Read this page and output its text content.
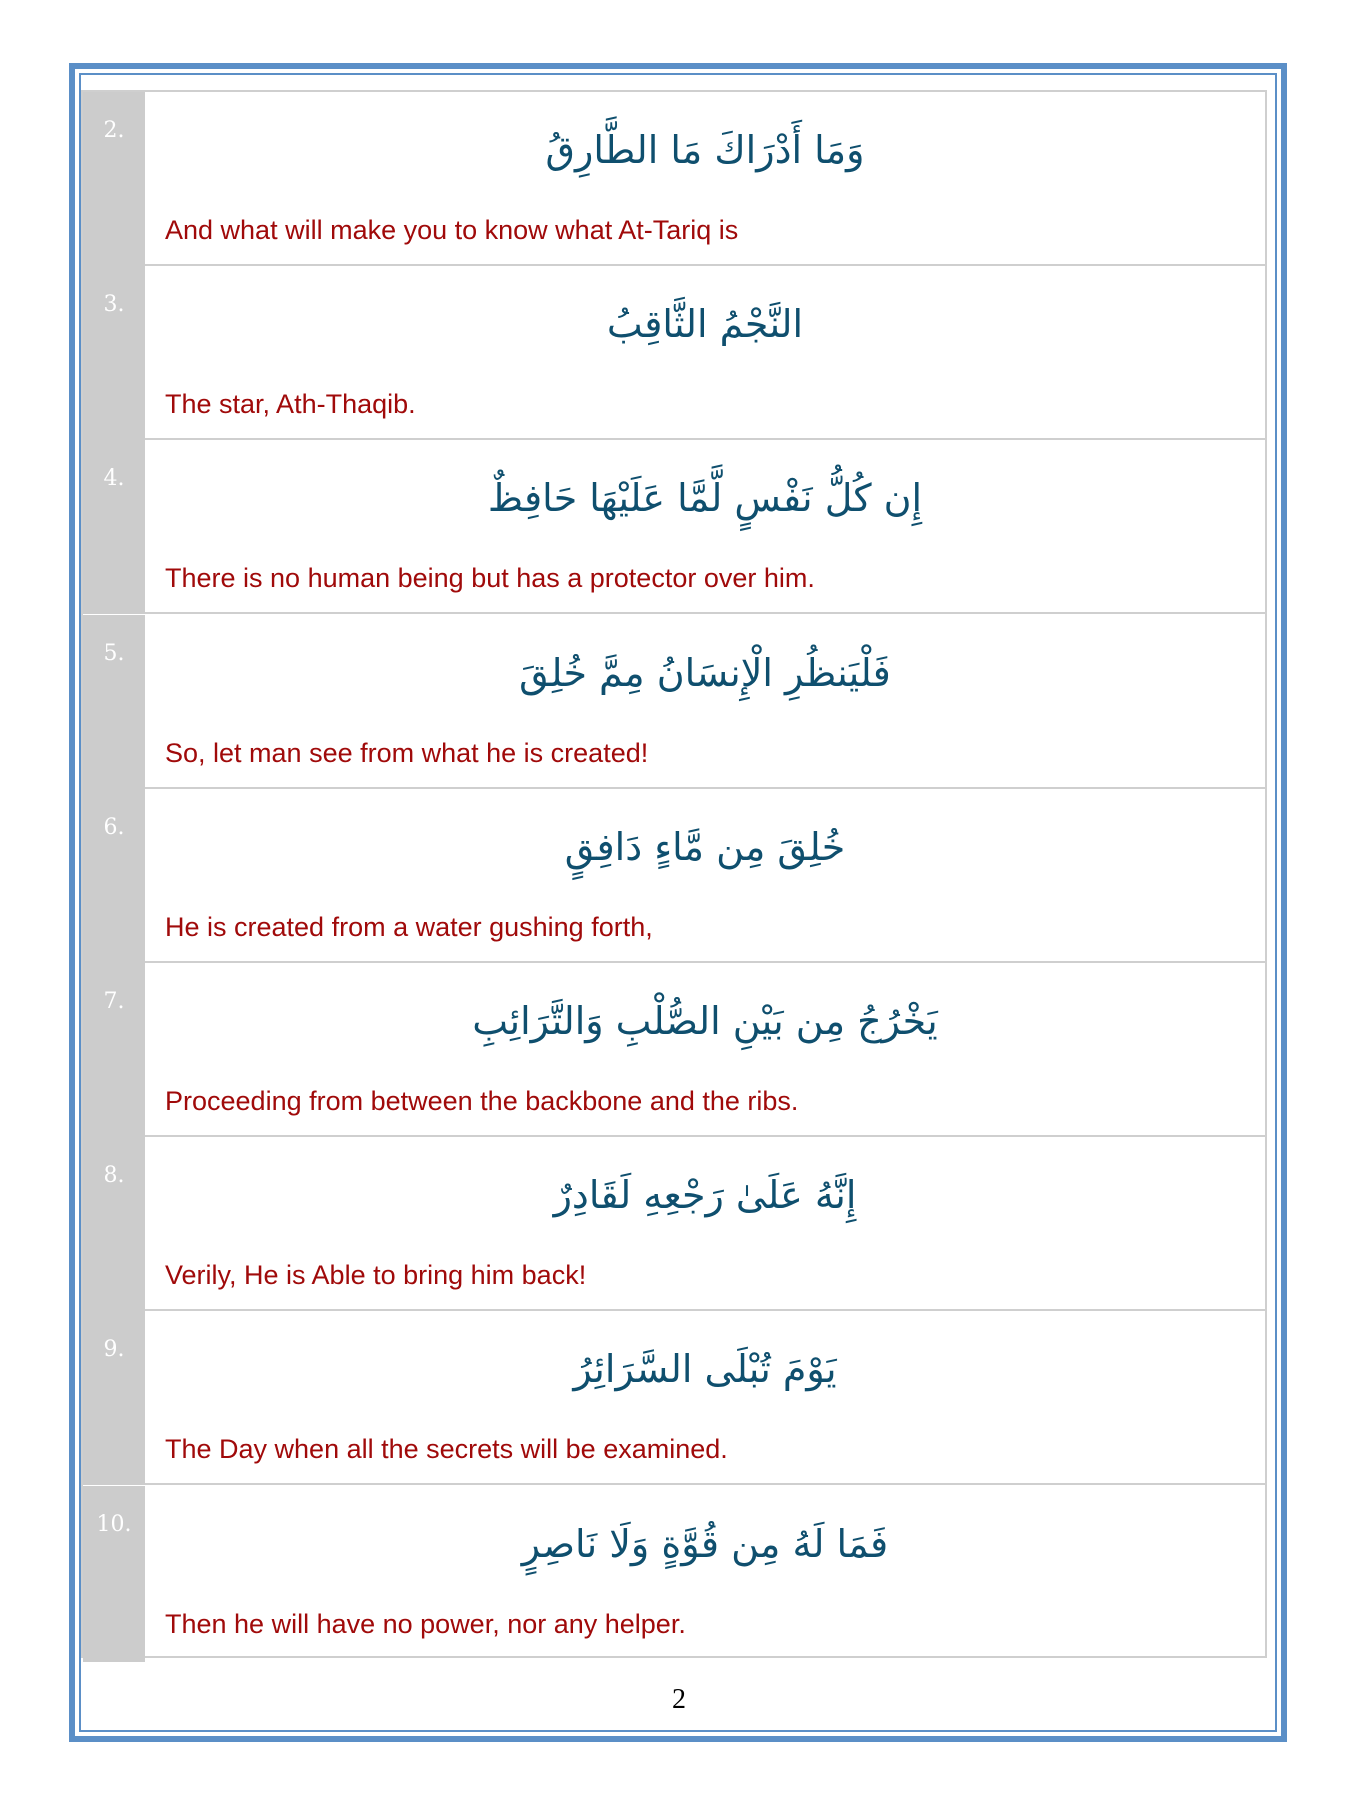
2.	وَمَا أَدْرَاكَ مَا الطَّارِقُ
And what will make you to know what At-Tariq is
3.	النَّجْمُ الثَّاقِبُ
The star, Ath-Thaqib.
4.	إِن كُلُّ نَفْسٍ لَّمَّا عَلَيْهَا حَافِظٌ
There is no human being but has a protector over him.
5.	فَلْيَنظُرِ الْإِنسَانُ مِمَّ خُلِقَ
So, let man see from what he is created!
6.	خُلِقَ مِن مَّاءٍ دَافِقٍ
He is created from a water gushing forth,
7.	يَخْرُجُ مِن بَيْنِ الصُّلْبِ وَالتَّرَائِبِ
Proceeding from between the backbone and the ribs.
8.	إِنَّهُ عَلَىٰ رَجْعِهِ لَقَادِرٌ
Verily, He is Able to bring him back!
9.	يَوْمَ تُبْلَى السَّرَائِرُ
The Day when all the secrets will be examined.
10.	فَمَا لَهُ مِن قُوَّةٍ وَلَا نَاصِرٍ
Then he will have no power, nor any helper.
2
